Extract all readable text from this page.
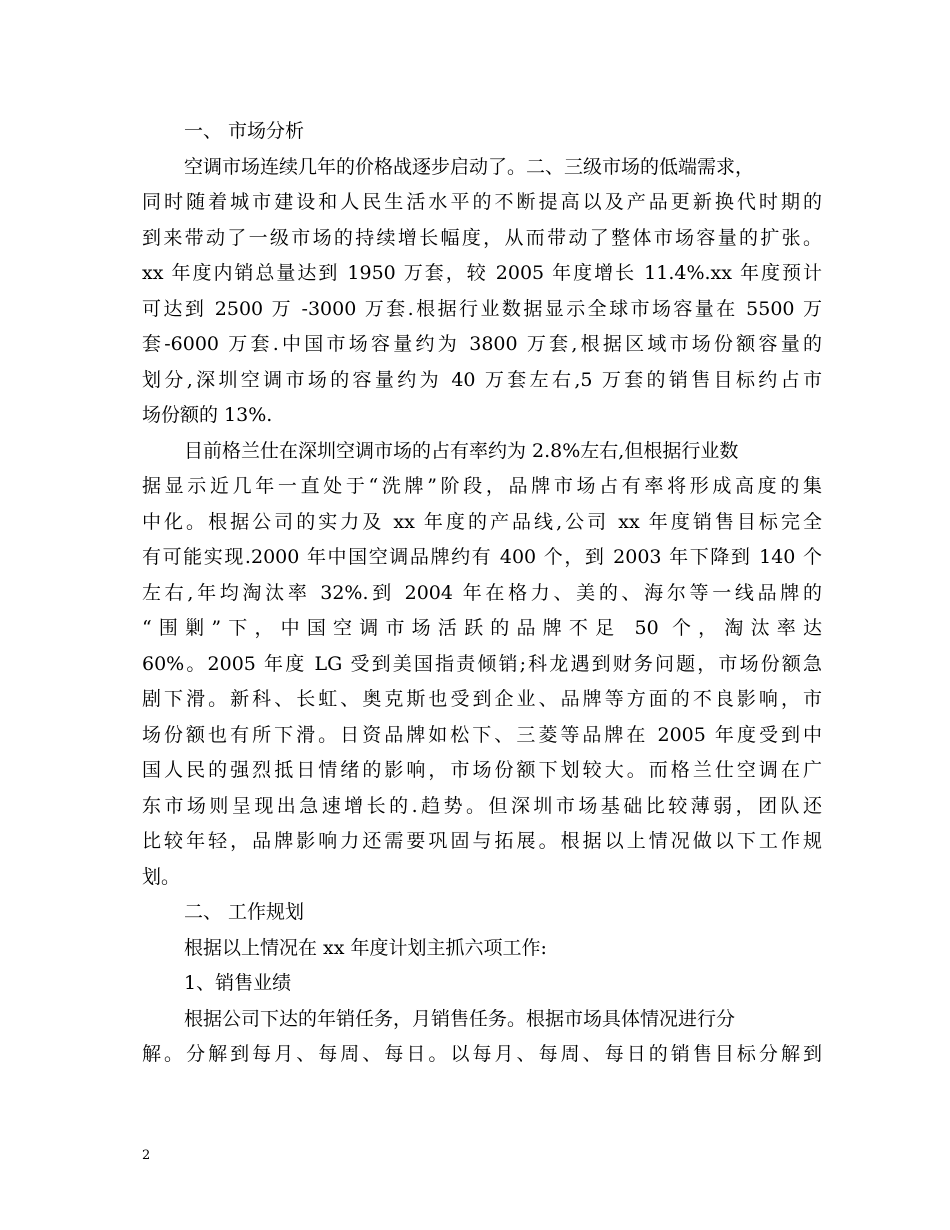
一、 市场分析
空调市场连续几年的价格战逐步启动了。二、三级市场的低端需求，
同时随着城市建设和人民生活水平的不断提高以及产品更新换代时期的
到来带动了一级市场的持续增长幅度，从而带动了整体市场容量的扩张。
xx 年度内销总量达到 1950 万套，较 2005 年度增长 11.4%.xx 年度预计
可达到 2500 万 -3000 万套.根据行业数据显示全球市场容量在 5500 万
套-6000 万套.中国市场容量约为 3800 万套,根据区域市场份额容量的
划分,深圳空调市场的容量约为 40 万套左右,5 万套的销售目标约占市
场份额的 13%.
目前格兰仕在深圳空调市场的占有率约为 2.8%左右,但根据行业数
据显示近几年一直处于“洗牌”阶段，品牌市场占有率将形成高度的集
中化。根据公司的实力及 xx 年度的产品线,公司 xx 年度销售目标完全
有可能实现.2000 年中国空调品牌约有 400 个，到 2003 年下降到 140 个
左右,年均淘汰率 32%.到 2004 年在格力、美的、海尔等一线品牌的
“围剿”下，中国空调市场活跃的品牌不足 50 个，淘汰率达
60%。2005 年度 LG 受到美国指责倾销;科龙遇到财务问题，市场份额急
剧下滑。新科、长虹、奥克斯也受到企业、品牌等方面的不良影响，市
场份额也有所下滑。日资品牌如松下、三菱等品牌在 2005 年度受到中
国人民的强烈抵日情绪的影响，市场份额下划较大。而格兰仕空调在广
东市场则呈现出急速增长的.趋势。但深圳市场基础比较薄弱，团队还
比较年轻，品牌影响力还需要巩固与拓展。根据以上情况做以下工作规
划。
二、 工作规划
根据以上情况在 xx 年度计划主抓六项工作:
1、销售业绩
根据公司下达的年销任务，月销售任务。根据市场具体情况进行分
解。分解到每月、每周、每日。以每月、每周、每日的销售目标分解到
2
